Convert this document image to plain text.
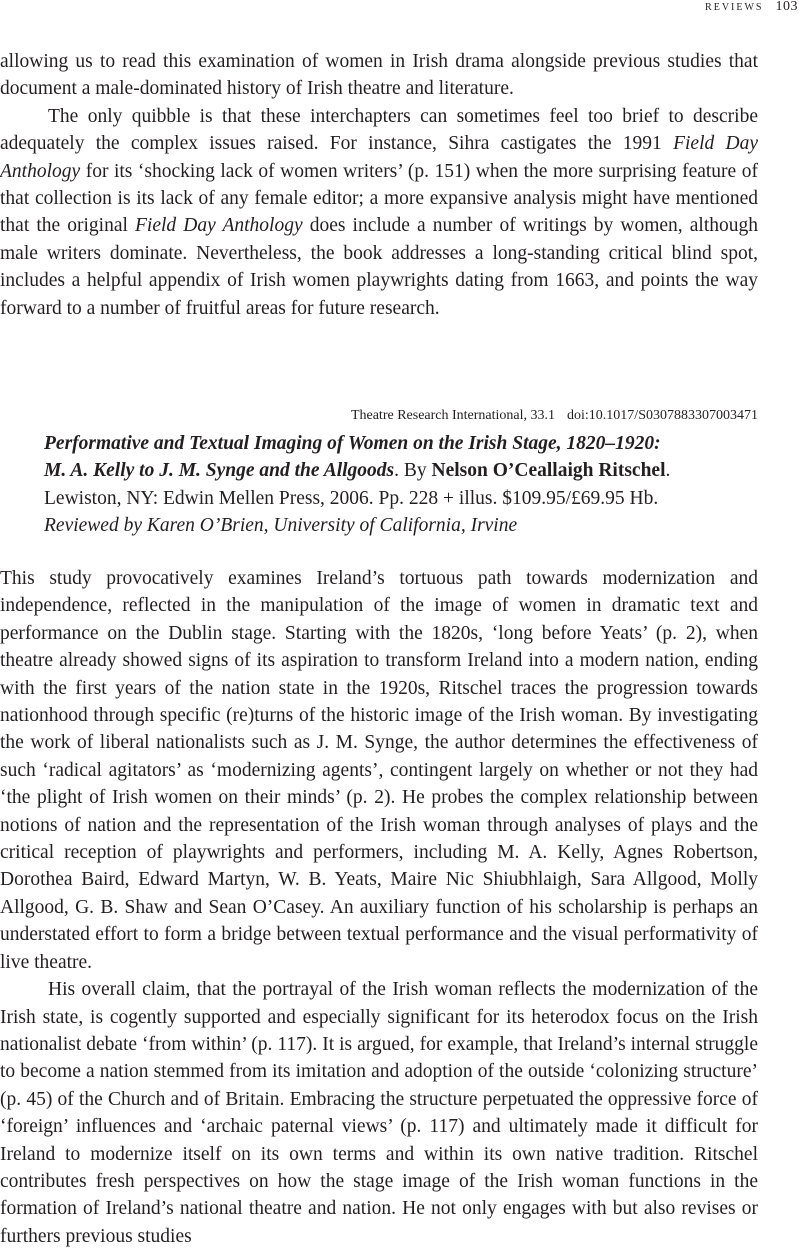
reviews 103

allowing us to read this examination of women in Irish drama alongside previous studies that document a male-dominated history of Irish theatre and literature.

The only quibble is that these interchapters can sometimes feel too brief to describe adequately the complex issues raised. For instance, Sihra castigates the 1991 Field Day Anthology for its ‘shocking lack of women writers’ (p. 151) when the more surprising feature of that collection is its lack of any female editor; a more expansive analysis might have mentioned that the original Field Day Anthology does include a number of writings by women, although male writers dominate. Nevertheless, the book addresses a long-standing critical blind spot, includes a helpful appendix of Irish women playwrights dating from 1663, and points the way forward to a number of fruitful areas for future research.

Theatre Research International, 33.1 doi:10.1017/S0307883307003471
Performative and Textual Imaging of Women on the Irish Stage, 1820–1920:
M. A. Kelly to J. M. Synge and the Allgoods. By Nelson O’Ceallaigh Ritschel.
Lewiston, NY: Edwin Mellen Press, 2006. Pp. 228 + illus. $109.95/£69.95 Hb.
Reviewed by Karen O’Brien, University of California, Irvine

This study provocatively examines Ireland’s tortuous path towards modernization and independence, reflected in the manipulation of the image of women in dramatic text and performance on the Dublin stage. Starting with the 1820s, ‘long before Yeats’ (p. 2), when theatre already showed signs of its aspiration to transform Ireland into a modern nation, ending with the first years of the nation state in the 1920s, Ritschel traces the progression towards nationhood through specific (re)turns of the historic image of the Irish woman. By investigating the work of liberal nationalists such as J. M. Synge, the author determines the effectiveness of such ‘radical agitators’ as ‘modernizing agents’, contingent largely on whether or not they had ‘the plight of Irish women on their minds’ (p. 2). He probes the complex relationship between notions of nation and the representation of the Irish woman through analyses of plays and the critical reception of playwrights and performers, including M. A. Kelly, Agnes Robertson, Dorothea Baird, Edward Martyn, W. B. Yeats, Maire Nic Shiubhlaigh, Sara Allgood, Molly Allgood, G. B. Shaw and Sean O’Casey. An auxiliary function of his scholarship is perhaps an understated effort to form a bridge between textual performance and the visual performativity of live theatre.

His overall claim, that the portrayal of the Irish woman reflects the modernization of the Irish state, is cogently supported and especially significant for its heterodox focus on the Irish nationalist debate ‘from within’ (p. 117). It is argued, for example, that Ireland’s internal struggle to become a nation stemmed from its imitation and adoption of the outside ‘colonizing structure’ (p. 45) of the Church and of Britain. Embracing the structure perpetuated the oppressive force of ‘foreign’ influences and ‘archaic paternal views’ (p. 117) and ultimately made it difficult for Ireland to modernize itself on its own terms and within its own native tradition. Ritschel contributes fresh perspectives on how the stage image of the Irish woman functions in the formation of Ireland’s national theatre and nation. He not only engages with but also revises or furthers previous studies
